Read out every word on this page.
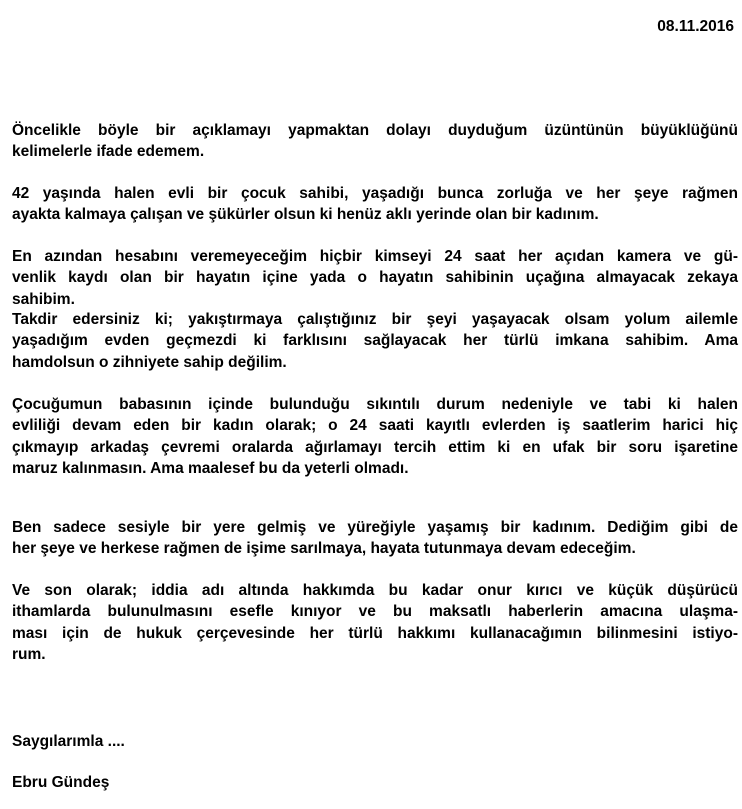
08.11.2016

Öncelikle böyle bir açıklamayı yapmaktan dolayı duyduğum üzüntünün büyüklüğünü
kelimelerle ifade edemem.

42 yaşında halen evli bir çocuk sahibi, yaşadığı bunca zorluğa ve her şeye rağmen
ayakta kalmaya çalışan ve şükürler olsun ki henüz aklı yerinde olan bir kadınım.

En azından hesabını veremeyeceğim hiçbir kimseyi 24 saat her açıdan kamera ve gü-
venlik kaydı olan bir hayatın içine yada o hayatın sahibinin uçağına almayacak zekaya
sahibim.

Takdir edersiniz ki; yakıştırmaya çalıştığınız bir şeyi yaşayacak olsam yolum ailemle
yaşadığım evden geçmezdi ki farklısını sağlayacak her türlü imkana sahibim. Ama
hamdolsun o zihniyete sahip değilim.

Çocuğumun babasının içinde bulunduğu sıkıntılı durum nedeniyle ve tabi ki halen
evliliği devam eden bir kadın olarak; o 24 saati kayıtlı evlerden iş saatlerim harici hiç
çıkmayıp arkadaş çevremi oralarda ağırlamayı tercih ettim ki en ufak bir soru işaretine
maruz kalınmasın. Ama maalesef bu da yeterli olmadı.

Ben sadece sesiyle bir yere gelmiş ve yüreğiyle yaşamış bir kadınım. Dediğim gibi de
her şeye ve herkese rağmen de işime sarılmaya, hayata tutunmaya devam edeceğim.

Ve son olarak; iddia adı altında hakkımda bu kadar onur kırıcı ve küçük düşürücü
ithamlarda bulunulmasını esefle kınıyor ve bu maksatlı haberlerin amacına ulaşma-
ması için de hukuk çerçevesinde her türlü hakkımı kullanacağımın bilinmesini istiyo-
rum.

Saygılarımla ....

Ebru Gündeş
